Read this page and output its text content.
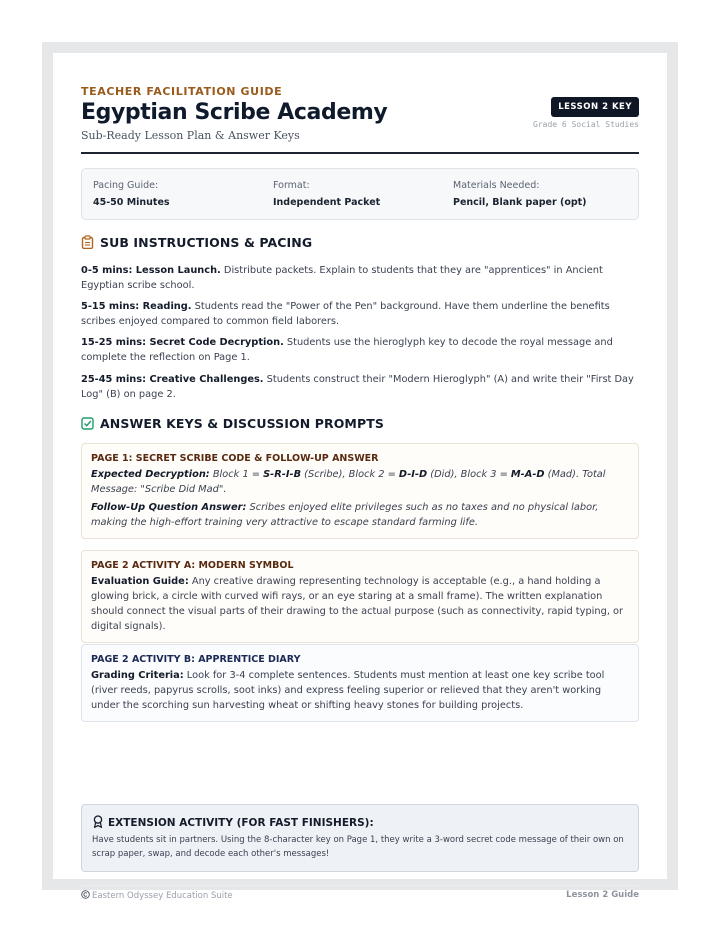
TEACHER FACILITATION GUIDE
Egyptian Scribe Academy
Sub-Ready Lesson Plan & Answer Keys
LESSON 2 KEY
Grade 6 Social Studies
Pacing Guide:
45-50 Minutes
Format:
Independent Packet
Materials Needed:
Pencil, Blank paper (opt)
SUB INSTRUCTIONS & PACING
0-5 mins: Lesson Launch. Distribute packets. Explain to students that they are "apprentices" in Ancient Egyptian scribe school.
5-15 mins: Reading. Students read the "Power of the Pen" background. Have them underline the benefits scribes enjoyed compared to common field laborers.
15-25 mins: Secret Code Decryption. Students use the hieroglyph key to decode the royal message and complete the reflection on Page 1.
25-45 mins: Creative Challenges. Students construct their "Modern Hieroglyph" (A) and write their "First Day Log" (B) on page 2.
ANSWER KEYS & DISCUSSION PROMPTS
PAGE 1: SECRET SCRIBE CODE & FOLLOW-UP ANSWER
Expected Decryption: Block 1 = S-R-I-B (Scribe), Block 2 = D-I-D (Did), Block 3 = M-A-D (Mad). Total Message: "Scribe Did Mad".
Follow-Up Question Answer: Scribes enjoyed elite privileges such as no taxes and no physical labor, making the high-effort training very attractive to escape standard farming life.
PAGE 2 ACTIVITY A: MODERN SYMBOL
Evaluation Guide: Any creative drawing representing technology is acceptable (e.g., a hand holding a glowing brick, a circle with curved wifi rays, or an eye staring at a small frame). The written explanation should connect the visual parts of their drawing to the actual purpose (such as connectivity, rapid typing, or digital signals).
PAGE 2 ACTIVITY B: APPRENTICE DIARY
Grading Criteria: Look for 3-4 complete sentences. Students must mention at least one key scribe tool (river reeds, papyrus scrolls, soot inks) and express feeling superior or relieved that they aren't working under the scorching sun harvesting wheat or shifting heavy stones for building projects.
EXTENSION ACTIVITY (FOR FAST FINISHERS):
Have students sit in partners. Using the 8-character key on Page 1, they write a 3-word secret code message of their own on scrap paper, swap, and decode each other's messages!
Eastern Odyssey Education Suite	Lesson 2 Guide
